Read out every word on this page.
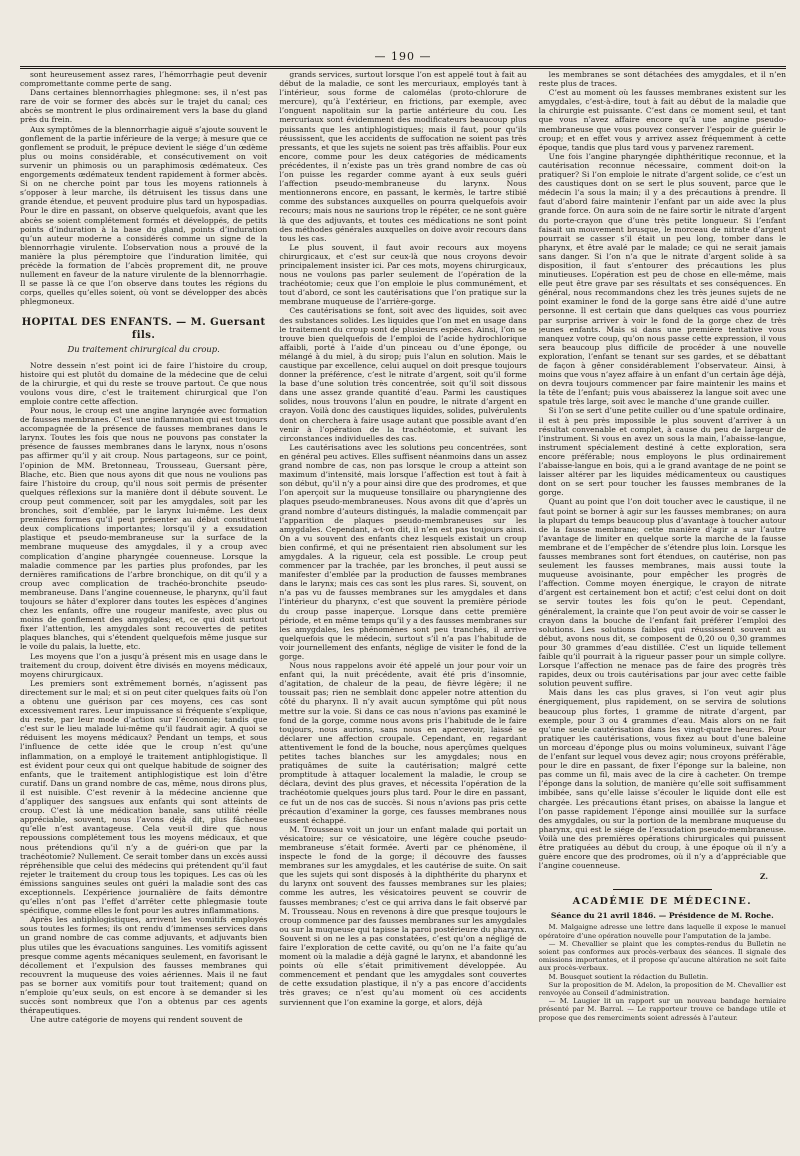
— 190 —

sont heureusement assez rares, l’hémorrhagie peut devenir compromettante comme perte de sang.

Dans certaines blennorrhagies phlegmone: ses, il n’est pas rare de voir se former des abcès sur le trajet du canal; ces abcès se montrent le plus ordinairement vers la base du gland près du frein.

Aux symptômes de la blennorrhagie aiguë s’ajoute souvent le gonflement de la partie inférieure de la verge; à mesure que ce gonflement se produit, le prépuce devient le siége d’un œdème plus ou moins considérable, et consécutivement on voit survenir un phimosis ou un paraphimosis œdémateux. Ces engorgements œdémateux tendent rapidement à former abcès. Si on ne cherche point par tous les moyens rationnels à s’opposer à leur marche, ils détruisent les tissus dans une grande étendue, et peuvent produire plus tard un hypospadias. Pour le dire en passant, on observe quelquefois, avant que les abcès se soient complétement formés et développés, de petits points d’induration à la base du gland, points d’induration qu’un auteur moderne a considérés comme un signe de la blennorrhagie virulente. L’observation nous a prouvé de la manière la plus péremptoire que l’induration limitée, qui précède la formation de l’abcès proprement dit, ne prouve nullement en faveur de la nature virulente de la blennorrhagie. Il se passe là ce que l’on observe dans toutes les régions du corps, quelles qu’elles soient, où vont se développer des abcès phlegmoneux.

HOPITAL DES ENFANTS. — M. Guersant fils.
Du traitement chirurgical du croup.

Notre dessein n’est point ici de faire l’histoire du croup, histoire qui est plutôt du domaine de la médecine que de celui de la chirurgie, et qui du reste se trouve partout. Ce que nous voulons vous dire, c’est le traitement chirurgical que l’on emploie contre cette affection.

Pour nous, le croup est une angine laryngée avec formation de fausses membranes. C’est une inflammation qui est toujours accompagnée de la présence de fausses membranes dans le larynx. Toutes les fois que nous ne pouvons pas constater la présence de fausses membranes dans le larynx, nous n’osons pas affirmer qu’il y ait croup. Nous partageons, sur ce point, l’opinion de MM. Bretonneau, Trousseau, Guersant père, Blache, etc. Bien que nous ayons dit que nous ne voulions pas faire l’histoire du croup, qu’il nous soit permis de présenter quelques réflexions sur la manière dont il débute souvent. Le croup peut commencer, soit par les amygdales, soit par les bronches, soit d’emblée, par le larynx lui-même. Les deux premières formes qu’il peut présenter au début constituent deux complications importantes; lorsqu’il y a exsudation plastique et pseudo-membraneuse sur la surface de la membrane muqueuse des amygdales, il y a croup avec complication d’angine pharyngée couenneuse. Lorsque la maladie commence par les parties plus profondes, par les dernières ramifications de l’arbre bronchique, on dit qu’il y a croup avec complication de trachéo-bronchite pseudo-membraneuse. Dans l’angine couenneuse, le pharynx, qu’il faut toujours se hâter d’explorer dans toutes les espèces d’angines chez les enfants, offre une rougeur manifeste, avec plus ou moins de gonflement des amygdales; et, ce qui doit surtout fixer l’attention, les amygdales sont recouvertes de petites plaques blanches, qui s’étendent quelquefois même jusque sur le voile du palais, la luette, etc.

Les moyens que l’on a jusqu’à présent mis en usage dans le traitement du croup, doivent être divisés en moyens médicaux, moyens chirurgicaux.

Les premiers sont extrêmement bornés, n’agissent pas directement sur le mal; et si on peut citer quelques faits où l’on a obtenu une guérison par ces moyens, ces cas sont excessivement rares. Leur impuissance si fréquente s’explique, du reste, par leur mode d’action sur l’économie; tandis que c’est sur le lieu malade lui-même qu’il faudrait agir. A quoi se réduisent les moyens médicaux? Pendant un temps, et sous l’influence de cette idée que le croup n’est qu’une inflammation, on a employé le traitement antiphlogistique. Il est évident pour ceux qui ont quelque habitude de soigner des enfants, que le traitement antiphlogistique est loin d’être curatif. Dans un grand nombre de cas, même, nous dirons plus, il est nuisible. C’est revenir à la médecine ancienne que d’appliquer des sangsues aux enfants qui sont atteints de croup. C’est là une médication banale, sans utilité réelle appréciable, souvent, nous l’avons déjà dit, plus fâcheuse qu’elle n’est avantageuse. Cela veut-il dire que nous repoussions complétement tous les moyens médicaux, et que nous prétendions qu’il n’y a de guéri-on que par la trachéotomie? Nullement. Ce serait tomber dans un excès aussi répréhensible que celui des médecins qui prétendent qu’il faut rejeter le traitement du croup tous les topiques. Les cas où les émissions sanguines seules ont guéri la maladie sont des cas exceptionnels. L’expérience journalière de faits démontre qu’elles n’ont pas l’effet d’arrêter cette phlegmasie toute spécifique, comme elles le font pour les autres inflammations.

Après les antiphlogistiques, arrivent les vomitifs employés sous toutes les formes; ils ont rendu d’immenses services dans un grand nombre de cas comme adjuvants, et adjuvants bien plus utiles que les évacuations sanguines. Les vomitifs agissent presque comme agents mécaniques seulement, en favorisant le décollement et l’expulsion des fausses membranes qui recouvrent la muqueuse des voies aériennes. Mais il ne faut pas se borner aux vomitifs pour tout traitement; quand on n’emploie qu’eux seuls, on est encore à se demander si les succès sont nombreux que l’on a obtenus par ces agents thérapeutiques.

Une autre catégorie de moyens qui rendent souvent de

grands services, surtout lorsque l’on est appelé tout à fait au début de la maladie, ce sont les mercuriaux, employés tant à l’intérieur, sous forme de calomélas (proto-chlorure de mercure), qu’à l’extérieur, en frictions, par exemple, avec l’onguent napolitain sur la partie antérieure du cou. Les mercuriaux sont évidemment des modificateurs beaucoup plus puissants que les antiphlogistiques; mais il faut, pour qu’ils réussissent, que les accidents de suffocation ne soient pas très pressants, et que les sujets ne soient pas très affaiblis. Pour eux encore, comme pour les deux catégories de médicaments précédentes, il n’existe pas un très grand nombre de cas où l’on puisse les regarder comme ayant à eux seuls guéri l’affection pseudo-membraneuse du larynx. Nous mentionnerons encore, en passant, le kermès, le tartre stibié comme des substances auxquelles on pourra quelquefois avoir recours; mais nous ne saurions trop le répéter, ce ne sont guère là que des adjuvants, et toutes ces médications ne sont point des méthodes générales auxquelles on doive avoir recours dans tous les cas.

Le plus souvent, il faut avoir recours aux moyens chirurgicaux, et c’est sur ceux-là que nous croyons devoir principalement insister ici. Par ces mots, moyens chirurgicaux, nous ne voulons pas parler seulement de l’opération de la trachéotomie; ceux que l’on emploie le plus communément, et tout d’abord, ce sont les cautérisations que l’on pratique sur la membrane muqueuse de l’arrière-gorge.

Ces cautérisations se font, soit avec des liquides, soit avec des substances solides. Les liquides que l’on met en usage dans le traitement du croup sont de plusieurs espèces. Ainsi, l’on se trouve bien quelquefois de l’emploi de l’acide hydrochlorique affaibli, porté à l’aide d’un pinceau ou d’une éponge, ou mélangé à du miel, à du sirop; puis l’alun en solution. Mais le caustique par excellence, celui auquel on doit presque toujours donner la préférence, c’est le nitrate d’argent, soit qu’il forme la base d’une solution très concentrée, soit qu’il soit dissous dans une assez grande quantité d’eau. Parmi les caustiques solides, nous trouvons l’alun en poudre, le nitrate d’argent en crayon. Voilà donc des caustiques liquides, solides, pulvérulents dont on cherchera à faire usage autant que possible avant d’en venir à l’opération de la trachéotomie, et suivant les circonstances individuelles des cas.

Les cautérisations avec les solutions peu concentrées, sont en général peu actives. Elles suffisent néanmoins dans un assez grand nombre de cas, non pas lorsque le croup a atteint son maximum d’intensité, mais lorsque l’affection est tout à fait à son début, qu’il n’y a pour ainsi dire que des prodromes, et que l’on aperçoit sur la muqueuse tonsillaire ou pharyngienne des plaques pseudo-membraneuses. Nous avons dit que d’après un grand nombre d’auteurs distingués, la maladie commençait par l’apparition de plaques pseudo-membraneuses sur les amygdales. Cependant, a-t-on dit, il n’en est pas toujours ainsi. On a vu souvent des enfants chez lesquels existait un croup bien confirmé, et qui ne présentaient rien absolument sur les amygdales. A la rigueur, cela est possible. Le croup peut commencer par la trachée, par les bronches, il peut aussi se manifester d’emblée par la production de fausses membranes dans le larynx; mais ces cas sont les plus rares. Si, souvent, on n’a pas vu de fausses membranes sur les amygdales et dans l’intérieur du pharynx, c’est que souvent la première période du croup passe inaperçue. Lorsque dans cette première période, et en même temps qu’il y a des fausses membranes sur les amygdales, les phénomènes sont peu tranchés, il arrive quelquefois que le médecin, surtout s’il n’a pas l’habitude de voir journellement des enfants, néglige de visiter le fond de la gorge.

Nous nous rappelons avoir été appelé un jour pour voir un enfant qui, la nuit précédente, avait été pris d’insomnie, d’agitation, de chaleur de la peau, de fièvre légère; il ne toussait pas; rien ne semblait donc appeler notre attention du côté du pharynx. Il n’y avait aucun symptôme qui pût nous mettre sur la voie. Si dans ce cas nous n’avions pas examiné le fond de la gorge, comme nous avons pris l’habitude de le faire toujours, nous aurions, sans nous en apercevoir, laissé se déclarer une affection croupale. Cependant, en regardant attentivement le fond de la bouche, nous aperçûmes quelques petites taches blanches sur les amygdales; nous en pratiquâmes de suite la cautérisation; malgré cette promptitude à attaquer localement la maladie, le croup se déclara, devint des plus graves, et nécessita l’opération de la trachéotomie quelques jours plus tard. Pour le dire en passant, ce fut un de nos cas de succès. Si nous n’avions pas pris cette précaution d’examiner la gorge, ces fausses membranes nous eussent échappé.

M. Trousseau voit un jour un enfant malade qui portait un vésicatoire; sur ce vésicatoire, une légère couche pseudo-membraneuse s’était formée. Averti par ce phénomène, il inspecte le fond de la gorge; il découvre des fausses membranes sur les amygdales, et les cautérise de suite. On sait que les sujets qui sont disposés à la diphthérite du pharynx et du larynx ont souvent des fausses membranes sur les plaies; comme les autres, les vésicatoires peuvent se couvrir de fausses membranes; c’est ce qui arriva dans le fait observé par M. Trousseau. Nous en revenons à dire que presque toujours le croup commence par des fausses membranes sur les amygdales ou sur la muqueuse qui tapisse la paroi postérieure du pharynx. Souvent si on ne les a pas constatées, c’est qu’on a négligé de faire l’exploration de cette cavité, ou qu’on ne l’a faite qu’au moment où la maladie a déjà gagné le larynx, et abandonné les points où elle s’était primitivement développée. Au commencement et pendant que les amygdales sont couvertes de cette exsudation plastique, il n’y a pas encore d’accidents très graves; ce n’est qu’au moment où ces accidents surviennent que l’on examine la gorge, et alors, déjà

les membranes se sont détachées des amygdales, et il n’en reste plus de traces.

C’est au moment où les fausses membranes existent sur les amygdales, c’est-à-dire, tout à fait au début de la maladie que la chirurgie est puissante. C’est dans ce moment seul, et tant que vous n’avez affaire encore qu’à une angine pseudo-membraneuse que vous pouvez conserver l’espoir de guérir le croup; et en effet vous y arrivez assez fréquemment à cette époque, tandis que plus tard vous y parvenez rarement.

Une fois l’angine pharyngée diphthéritique reconnue, et la cautérisation reconnue nécessaire, comment doit-on la pratiquer? Si l’on emploie le nitrate d’argent solide, ce c’est un des caustiques dont on se sert le plus souvent, parce que le médecin l’a sous la main; il y a des précautions à prendre. Il faut d’abord faire maintenir l’enfant par un aide avec la plus grande force. On aura soin de ne faire sortir le nitrate d’argent du porte-crayon que d’une très petite longueur. Si l’enfant faisait un mouvement brusque, le morceau de nitrate d’argent pourrait se casser s’il était un peu long, tomber dans le pharynx, et être avalé par le malade; ce qui ne serait jamais sans danger. Si l’on n’a que le nitrate d’argent solide à sa disposition, il faut s’entourer des précautions les plus minutieuses. L’opération est peu de chose en elle-même, mais elle peut être grave par ses résultats et ses conséquences. En général, nous recommandons chez les très jeunes sujets de ne point examiner le fond de la gorge sans être aidé d’une autre personne. Il est certain que dans quelques cas vous pourriez par surprise arriver à voir le fond de la gorge chez de très jeunes enfants. Mais si dans une première tentative vous manquez votre coup, qu’on nous passe cette expression, il vous sera beaucoup plus difficile de procéder à une nouvelle exploration, l’enfant se tenant sur ses gardes, et se débattant de façon à gêner considérablement l’observateur. Ainsi, à moins que vous n’ayez affaire à un enfant d’un certain âge déjà, on devra toujours commencer par faire maintenir les mains et la tête de l’enfant; puis vous abaisserez la langue soit avec une spatule très large, soit avec le manche d’une grande cuiller.

Si l’on se sert d’une petite cuiller ou d’une spatule ordinaire, il est à peu près impossible le plus souvent d’arriver à un résultat convenable et complet, à cause du peu de largeur de l’instrument. Si vous en avez un sous la main, l’abaisse-langue, instrument spécialement destiné à cette exploration, sera encore préférable; nous employons le plus ordinairement l’abaisse-langue en bois, qui a le grand avantage de ne point se laisser altérer par les liquides médicamenteux ou caustiques dont on se sert pour toucher les fausses membranes de la gorge.

Quant au point que l’on doit toucher avec le caustique, il ne faut point se borner à agir sur les fausses membranes; on aura la plupart du temps beaucoup plus d’avantage à toucher autour de la fausse membrane; cette manière d’agir a sur l’autre l’avantage de limiter en quelque sorte la marche de la fausse membrane et de l’empêcher de s’étendre plus loin. Lorsque les fausses membranes sont fort étendues, on cautérise, non pas seulement les fausses membranes, mais aussi toute la muqueuse avoisinante, pour empêcher les progrès de l’affection. Comme moyen énergique, le crayon de nitrate d’argent est certainement bon et actif; c’est celui dont on doit se servir toutes les fois qu’on le peut. Cependant, généralement, la crainte que l’on peut avoir de voir se casser le crayon dans la bouche de l’enfant fait préférer l’emploi des solutions. Les solutions faibles qui réussissent souvent au début, avons nous dit, se composent de 0,20 ou 0,30 grammes pour 30 grammes d’eau distillée. C’est un liquide tellement faible qu’il pourrait à la rigueur passer pour un simple collyre. Lorsque l’affection ne menace pas de faire des progrès très rapides, deux ou trois cautérisations par jour avec cette faible solution peuvent suffire.

Mais dans les cas plus graves, si l’on veut agir plus énergiquement, plus rapidement, on se servira de solutions beaucoup plus fortes, 1 gramme de nitrate d’argent, par exemple, pour 3 ou 4 grammes d’eau. Mais alors on ne fait qu’une seule cautérisation dans les vingt-quatre heures. Pour pratiquer les cautérisations, vous fixez au bout d’une baleine un morceau d’éponge plus ou moins volumineux, suivant l’âge de l’enfant sur lequel vous devez agir; nous croyons préférable, pour le dire en passant, de fixer l’éponge sur la baleine, non pas comme un fil, mais avec de la cire à cacheter. On trempe l’éponge dans la solution, de manière qu’elle soit suffisamment imbibée, sans qu’elle laisse s’écouler le liquide dont elle est chargée. Les précautions étant prises, on abaisse la langue et l’on passe rapidement l’éponge ainsi mouillée sur la surface des amygdales, ou sur la portion de la membrane muqueuse du pharynx, qui est le siége de l’exsudation pseudo-membraneuse. Voilà une des premières opérations chirurgicales qui puissent être pratiquées au début du croup, à une époque où il n’y a guère encore que des prodromes, où il n’y a d’appréciable que l’angine couenneuse.

Z.
ACADÉMIE DE MÉDECINE.
Séance du 21 avril 1846. — Présidence de M. Roche.

M. Malgaigne adresse une lettre dans laquelle il expose le manuel opératoire d’une opération nouvelle pour l’amputation de la jambe.

— M. Chevallier se plaint que les comptes-rendus du Bulletin ne soient pas conformes aux procès-verbaux des séances. Il signale des omissions importantes, et il propose qu’aucune altération ne soit faite aux procès-verbaux.

M. Bousquet soutient la rédaction du Bulletin.

Sur la proposition de M. Adelon, la proposition de M. Chevallier est renvoyée au Conseil d’administration.

— M. Laugier lit un rapport sur un nouveau bandage herniaire présenté par M. Barral. — Le rapporteur trouve ce bandage utile et propose que des remerciments soient adressés à l’auteur.
